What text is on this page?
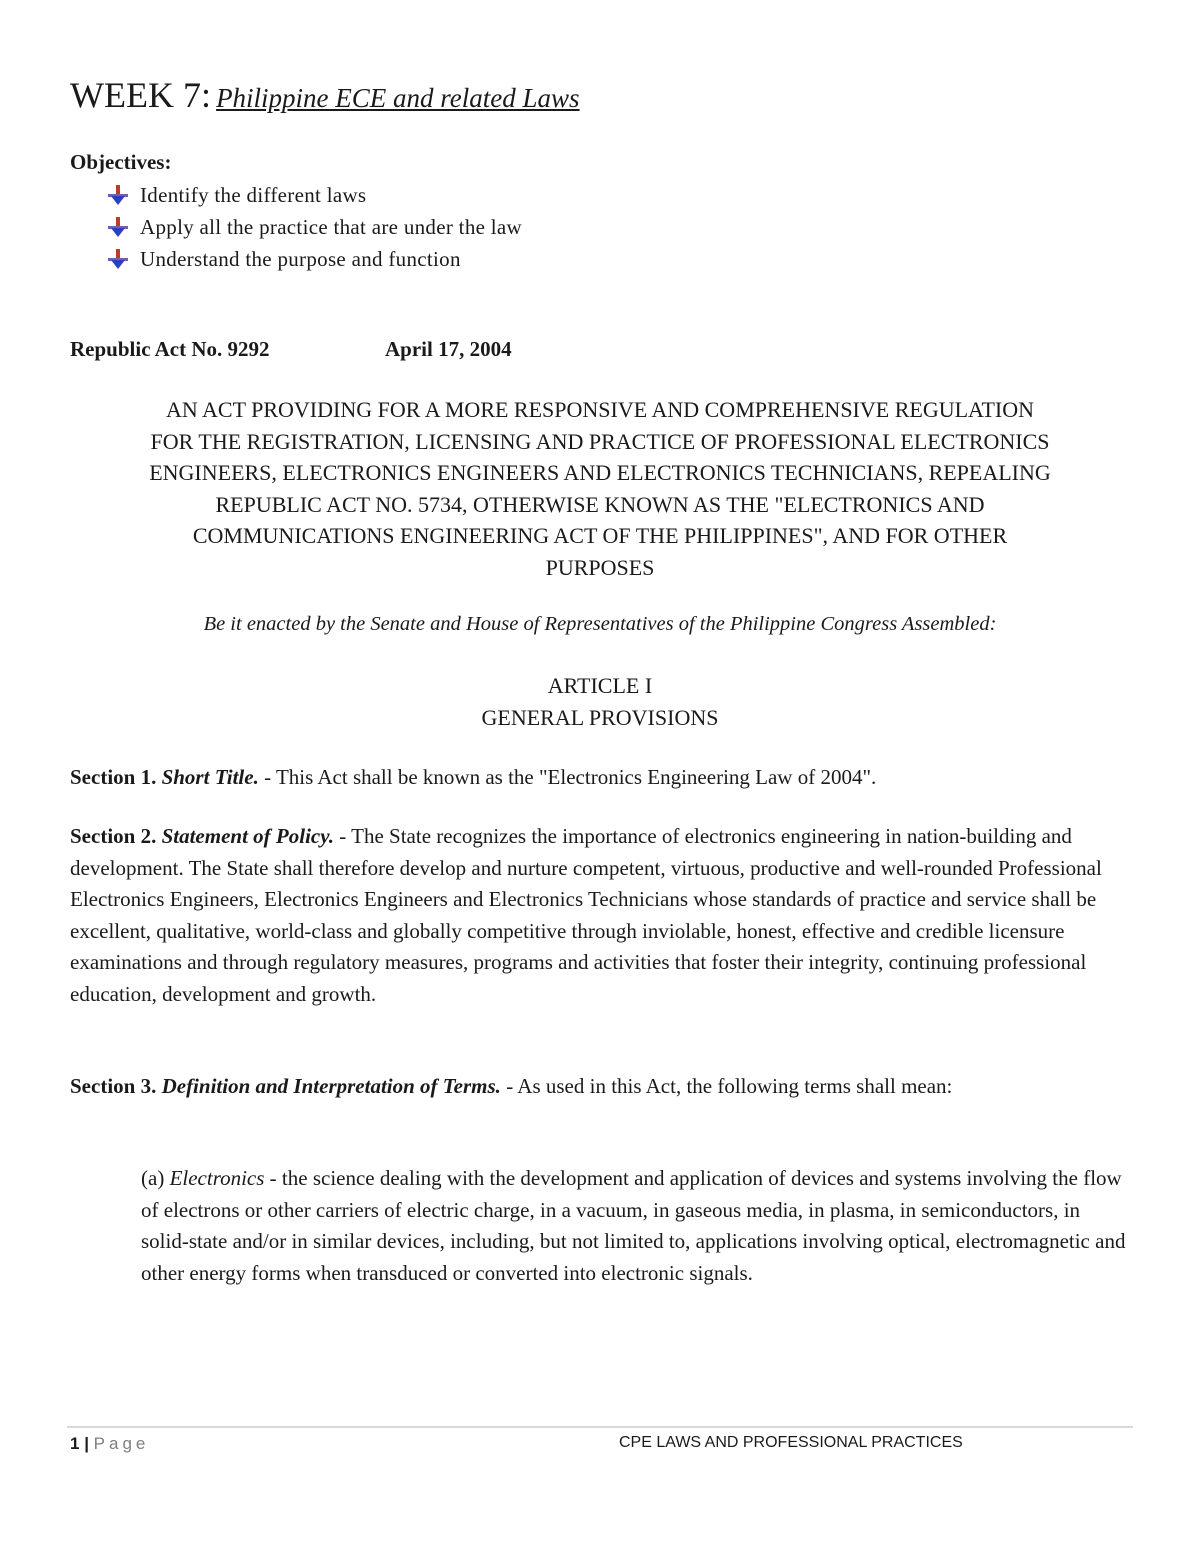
WEEK 7: Philippine ECE and related Laws
Objectives:
Identify the different laws
Apply all the practice that are under the law
Understand the purpose and function
Republic Act No. 9292	April 17, 2004
AN ACT PROVIDING FOR A MORE RESPONSIVE AND COMPREHENSIVE REGULATION
FOR THE REGISTRATION, LICENSING AND PRACTICE OF PROFESSIONAL ELECTRONICS
ENGINEERS, ELECTRONICS ENGINEERS AND ELECTRONICS TECHNICIANS, REPEALING
REPUBLIC ACT NO. 5734, OTHERWISE KNOWN AS THE "ELECTRONICS AND
COMMUNICATIONS ENGINEERING ACT OF THE PHILIPPINES", AND FOR OTHER
PURPOSES
Be it enacted by the Senate and House of Representatives of the Philippine Congress Assembled:
ARTICLE I
GENERAL PROVISIONS
Section 1. Short Title. - This Act shall be known as the "Electronics Engineering Law of 2004".
Section 2. Statement of Policy. - The State recognizes the importance of electronics engineering in nation-building and development. The State shall therefore develop and nurture competent, virtuous, productive and well-rounded Professional Electronics Engineers, Electronics Engineers and Electronics Technicians whose standards of practice and service shall be excellent, qualitative, world-class and globally competitive through inviolable, honest, effective and credible licensure examinations and through regulatory measures, programs and activities that foster their integrity, continuing professional education, development and growth.
Section 3. Definition and Interpretation of Terms. - As used in this Act, the following terms shall mean:
(a) Electronics - the science dealing with the development and application of devices and systems involving the flow of electrons or other carriers of electric charge, in a vacuum, in gaseous media, in plasma, in semiconductors, in solid-state and/or in similar devices, including, but not limited to, applications involving optical, electromagnetic and other energy forms when transduced or converted into electronic signals.
1 | Page	CPE LAWS AND PROFESSIONAL PRACTICES
